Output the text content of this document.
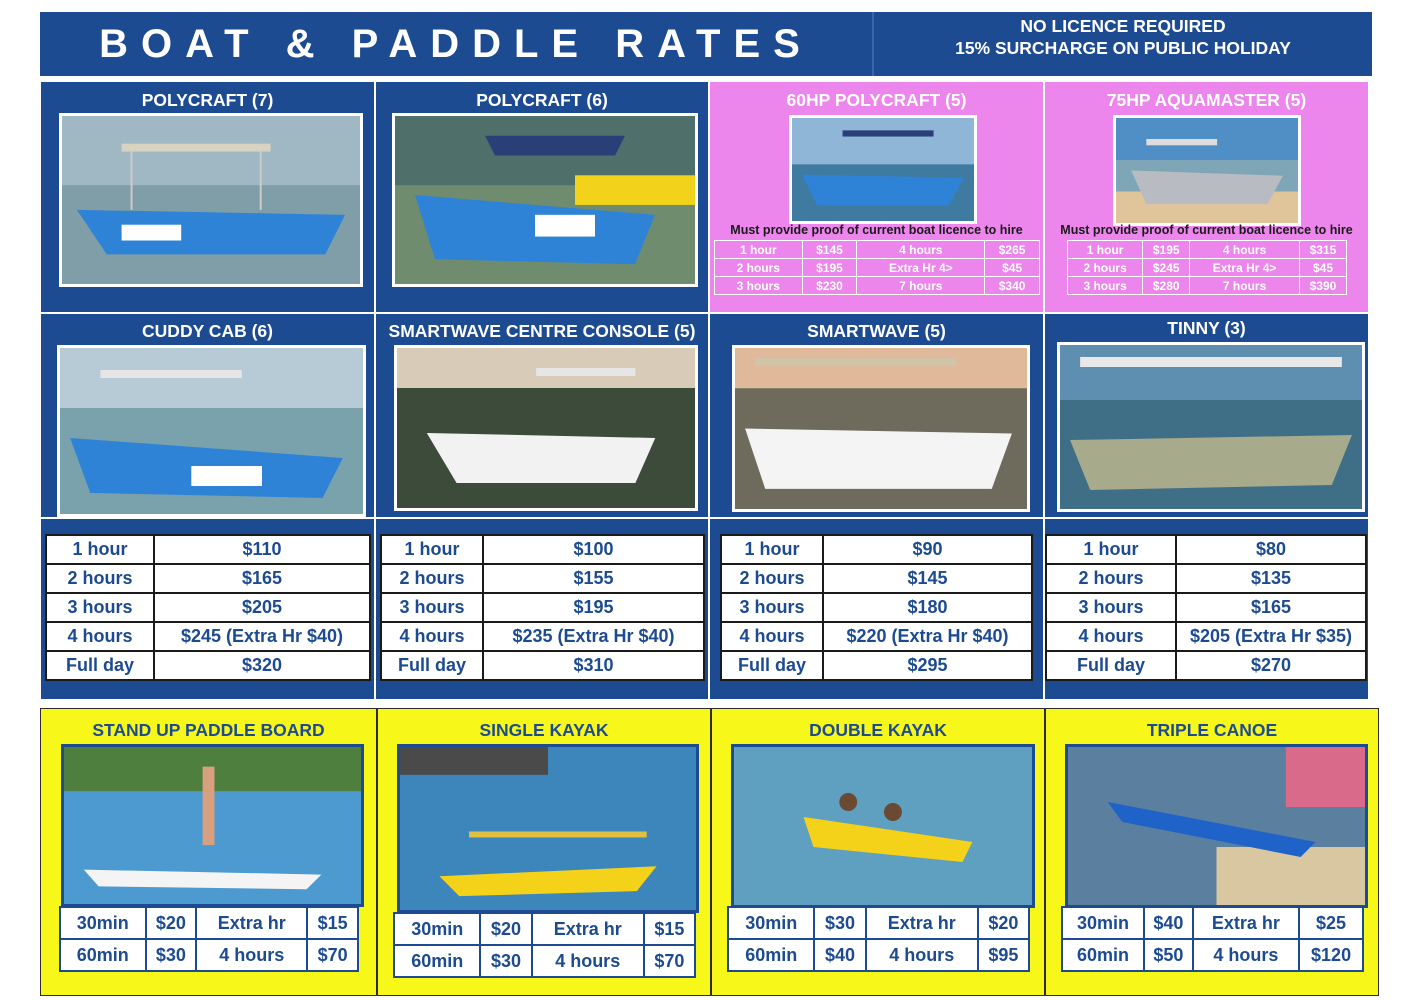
BOAT & PADDLE RATES	NO LICENCE REQUIRED
15% SURCHARGE ON PUBLIC HOLIDAY
POLYCRAFT (7)	POLYCRAFT (6)	60HP POLYCRAFT (5)
Must provide proof of current boat licence to hire
1 hour	$145	4 hours	$265
2 hours	$195	Extra Hr 4>	$45
3 hours	$230	7 hours	$340
75HP AQUAMASTER (5)
Must provide proof of current boat licence to hire
1 hour	$195	4 hours	$315
2 hours	$245	Extra Hr 4>	$45
3 hours	$280	7 hours	$390
CUDDY CAB (6)	SMARTWAVE CENTRE CONSOLE (5)	SMARTWAVE (5)	TINNY (3)
1 hour	$110
2 hours	$165
3 hours	$205
4 hours	$245 (Extra Hr $40)
Full day	$320
1 hour	$100
2 hours	$155
3 hours	$195
4 hours	$235 (Extra Hr $40)
Full day	$310
1 hour	$90
2 hours	$145
3 hours	$180
4 hours	$220 (Extra Hr $40)
Full day	$295
1 hour	$80
2 hours	$135
3 hours	$165
4 hours	$205 (Extra Hr $35)
Full day	$270
STAND UP PADDLE BOARD
30min	$20	Extra hr	$15
60min	$30	4 hours	$70
SINGLE KAYAK
30min	$20	Extra hr	$15
60min	$30	4 hours	$70
DOUBLE KAYAK
30min	$30	Extra hr	$20
60min	$40	4 hours	$95
TRIPLE CANOE
30min	$40	Extra hr	$25
60min	$50	4 hours	$120
